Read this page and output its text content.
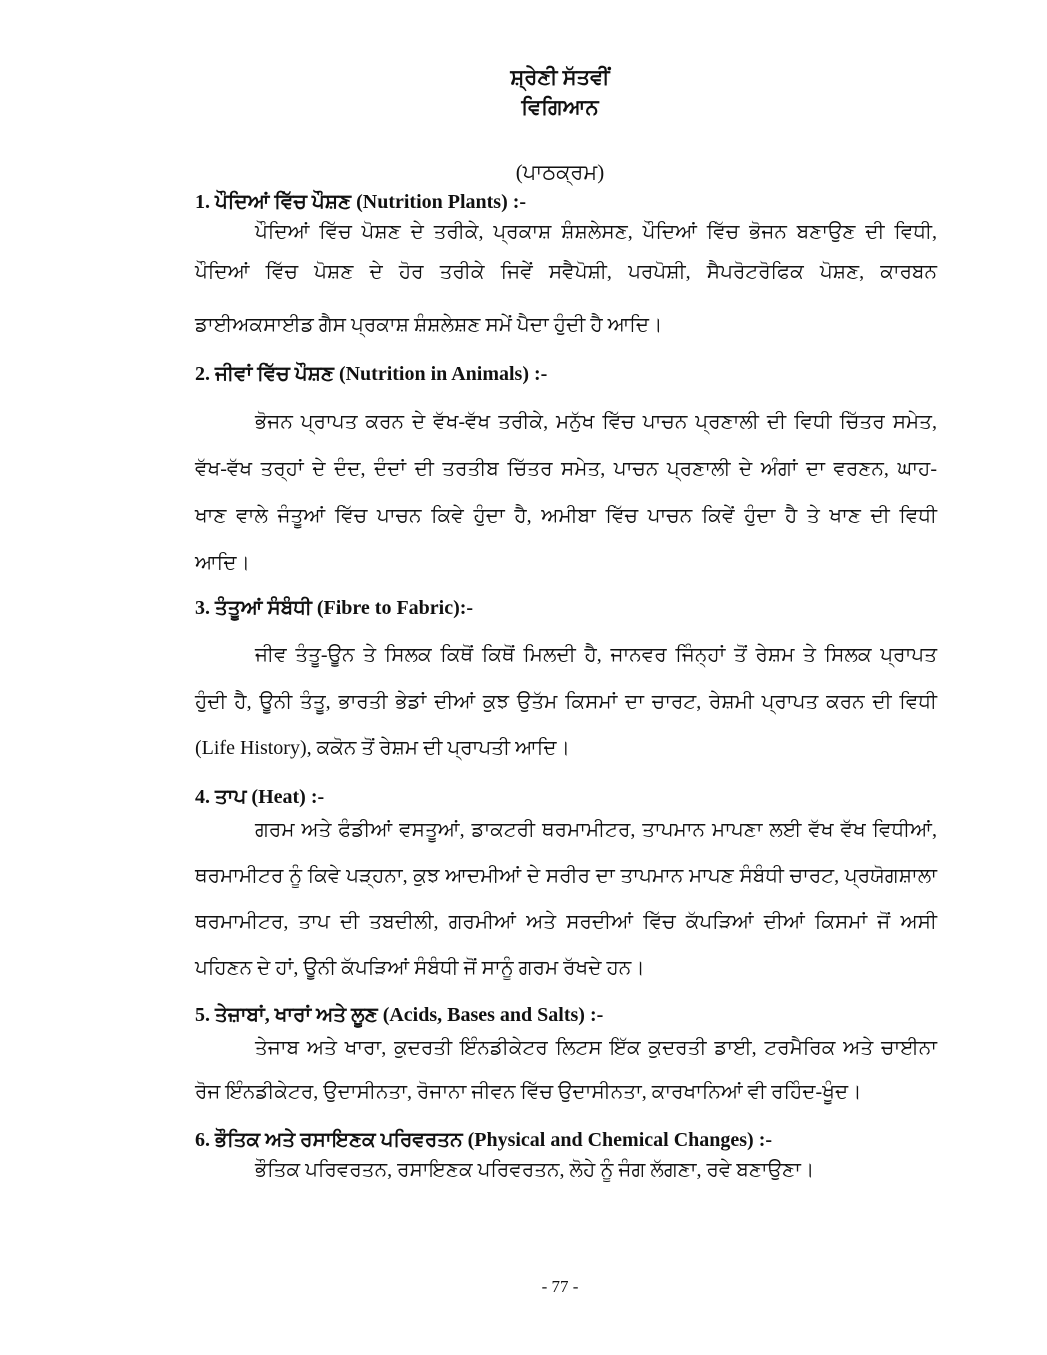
ਸ਼੍ਰੇਣੀ ਸੱਤਵੀਂ
ਵਿਗਿਆਨ
(ਪਾਠਕ੍ਰਮ)
1. ਪੌਦਿਆਂ ਵਿੱਚ ਪੌਸ਼ਣ (Nutrition Plants) :-
ਪੌਦਿਆਂ ਵਿੱਚ ਪੋਸ਼ਣ ਦੇ ਤਰੀਕੇ, ਪ੍ਰਕਾਸ਼ ਸ਼ੰਸ਼ਲੇਸਣ, ਪੌਦਿਆਂ ਵਿੱਚ ਭੋਜਨ ਬਣਾਉਣ ਦੀ ਵਿਧੀ,
ਪੌਦਿਆਂ ਵਿੱਚ ਪੋਸ਼ਣ ਦੇ ਹੋਰ ਤਰੀਕੇ ਜਿਵੇਂ ਸਵੈਪੋਸ਼ੀ, ਪਰਪੋਸ਼ੀ, ਸੈਪਰੋਟਰੋਫਿਕ ਪੋਸ਼ਣ, ਕਾਰਬਨ
ਡਾਈਅਕਸਾਈਡ ਗੈਸ ਪ੍ਰਕਾਸ਼ ਸ਼ੰਸ਼ਲੇਸ਼ਣ ਸਮੇਂ ਪੈਦਾ ਹੁੰਦੀ ਹੈ ਆਦਿ।
2. ਜੀਵਾਂ ਵਿੱਚ ਪੌਸ਼ਣ (Nutrition in Animals) :-
ਭੋਜਨ ਪ੍ਰਾਪਤ ਕਰਨ ਦੇ ਵੱਖ-ਵੱਖ ਤਰੀਕੇ, ਮਨੁੱਖ ਵਿੱਚ ਪਾਚਨ ਪ੍ਰਣਾਲੀ ਦੀ ਵਿਧੀ ਚਿੱਤਰ ਸਮੇਤ,
ਵੱਖ-ਵੱਖ ਤਰ੍ਹਾਂ ਦੇ ਦੰਦ, ਦੰਦਾਂ ਦੀ ਤਰਤੀਬ ਚਿੱਤਰ ਸਮੇਤ, ਪਾਚਨ ਪ੍ਰਣਾਲੀ ਦੇ ਅੰਗਾਂ ਦਾ ਵਰਣਨ, ਘਾਹ-
ਖਾਣ ਵਾਲੇ ਜੰਤੂਆਂ ਵਿੱਚ ਪਾਚਨ ਕਿਵੇ ਹੁੰਦਾ ਹੈ, ਅਮੀਬਾ ਵਿੱਚ ਪਾਚਨ ਕਿਵੇਂ ਹੁੰਦਾ ਹੈ ਤੇ ਖਾਣ ਦੀ ਵਿਧੀ
ਆਦਿ।
3. ਤੰਤੂਆਂ ਸੰਬੰਧੀ (Fibre to Fabric):-
ਜੀਵ ਤੰਤੂ-ਊਨ ਤੇ ਸਿਲਕ ਕਿਥੋਂ ਕਿਥੋਂ ਮਿਲਦੀ ਹੈ, ਜਾਨਵਰ ਜਿੰਨ੍ਹਾਂ ਤੋਂ ਰੇਸ਼ਮ ਤੇ ਸਿਲਕ ਪ੍ਰਾਪਤ
ਹੁੰਦੀ ਹੈ, ਊਨੀ ਤੰਤੂ, ਭਾਰਤੀ ਭੇਡਾਂ ਦੀਆਂ ਕੁਝ ਉਤੱਮ ਕਿਸਮਾਂ ਦਾ ਚਾਰਟ, ਰੇਸ਼ਮੀ ਪ੍ਰਾਪਤ ਕਰਨ ਦੀ ਵਿਧੀ
(Life History), ਕਕੋਨ ਤੋਂ ਰੇਸ਼ਮ ਦੀ ਪ੍ਰਾਪਤੀ ਆਦਿ।
4. ਤਾਪ (Heat) :-
ਗਰਮ ਅਤੇ ਫੰਡੀਆਂ ਵਸਤੂਆਂ, ਡਾਕਟਰੀ ਥਰਮਾਮੀਟਰ, ਤਾਪਮਾਨ ਮਾਪਣਾ ਲਈ ਵੱਖ ਵੱਖ ਵਿਧੀਆਂ,
ਥਰਮਾਮੀਟਰ ਨੂੰ ਕਿਵੇ ਪੜ੍ਹਨਾ, ਕੁਝ ਆਦਮੀਆਂ ਦੇ ਸਰੀਰ ਦਾ ਤਾਪਮਾਨ ਮਾਪਣ ਸੰਬੰਧੀ ਚਾਰਟ, ਪ੍ਰਯੋਗਸ਼ਾਲਾ
ਥਰਮਾਮੀਟਰ, ਤਾਪ ਦੀ ਤਬਦੀਲੀ, ਗਰਮੀਆਂ ਅਤੇ ਸਰਦੀਆਂ ਵਿੱਚ ਕੱਪੜਿਆਂ ਦੀਆਂ ਕਿਸਮਾਂ ਜੋਂ ਅਸੀ
ਪਹਿਣਨ ਦੇ ਹਾਂ, ਊਨੀ ਕੱਪੜਿਆਂ ਸੰਬੰਧੀ ਜੋਂ ਸਾਨੂੰ ਗਰਮ ਰੱਖਦੇ ਹਨ।
5. ਤੇਜ਼ਾਬਾਂ, ਖਾਰਾਂ ਅਤੇ ਲੂਣ (Acids, Bases and Salts) :-
ਤੇਜਾਬ ਅਤੇ ਖਾਰਾ, ਕੁਦਰਤੀ ਇੰਨਡੀਕੇਟਰ ਲਿਟਸ ਇੱਕ ਕੁਦਰਤੀ ਡਾਈ, ਟਰਮੈਰਿਕ ਅਤੇ ਚਾਈਨਾ
ਰੋਜ ਇੰਨਡੀਕੇਟਰ, ਉਦਾਸੀਨਤਾ, ਰੋਜਾਨਾ ਜੀਵਨ ਵਿੱਚ ਉਦਾਸੀਨਤਾ, ਕਾਰਖਾਨਿਆਂ ਵੀ ਰਹਿੰਦ-ਖੂੰਦ।
6. ਭੌਤਿਕ ਅਤੇ ਰਸਾਇਣਕ ਪਰਿਵਰਤਨ (Physical and Chemical Changes) :-
ਭੌਤਿਕ ਪਰਿਵਰਤਨ, ਰਸਾਇਣਕ ਪਰਿਵਰਤਨ, ਲੋਹੇ ਨੂੰ ਜੰਗ ਲੱਗਣਾ, ਰਵੇ ਬਣਾਉਣਾ।
- 77 -
